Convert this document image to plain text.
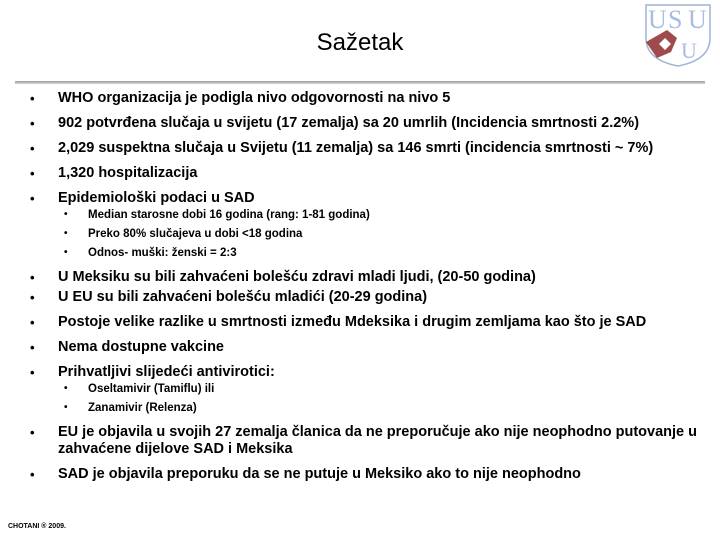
U S U
U
Sažetak
• WHO organizacija je podigla nivo odgovornosti na nivo 5
• 902 potvrđena slučaja u svijetu (17 zemalja) sa 20 umrlih (Incidencia smrtnosti 2.2%)
• 2,029 suspektna slučaja u Svijetu (11 zemalja) sa 146 smrti (incidencia smrtnosti ~ 7%)
• 1,320 hospitalizacija
• Epidemiološki podaci u SAD
• Median starosne dobi 16 godina (rang: 1-81 godina)
• Preko 80% slučajeva u dobi <18 godina
• Odnos- muški: ženski = 2:3
• U Meksiku su bili zahvaćeni bolešću zdravi mladi ljudi, (20-50 godina)
• U EU su bili zahvaćeni bolešću mladići (20-29 godina)
• Postoje velike razlike u smrtnosti između Mdeksika i drugim zemljama kao što je SAD
• Nema dostupne vakcine
• Prihvatljivi slijedeći antivirotici:
• Oseltamivir (Tamiflu) ili
• Zanamivir (Relenza)
• EU je objavila u svojih 27 zemalja članica da ne preporučuje ako nije neophodno putovanje u zahvaćene dijelove SAD i Meksika
• SAD je objavila preporuku da se ne putuje u Meksiko ako to nije neophodno
CHOTANI ® 2009.
